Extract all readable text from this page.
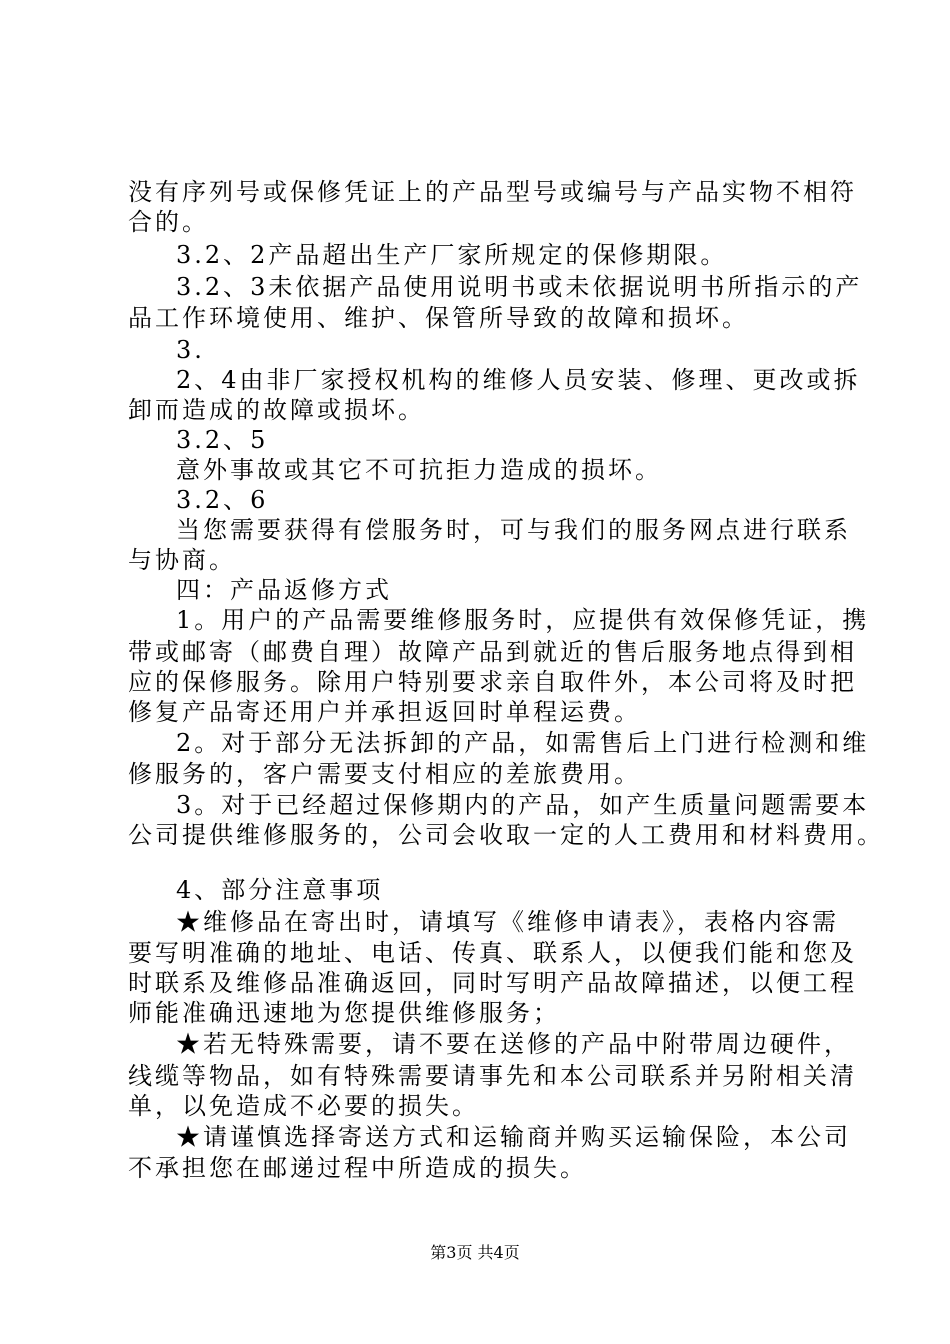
没有序列号或保修凭证上的产品型号或编号与产品实物不相符
合的。
3.2、2产品超出生产厂家所规定的保修期限。
3.2、3未依据产品使用说明书或未依据说明书所指示的产
品工作环境使用、维护、保管所导致的故障和损坏。
3.
2、4由非厂家授权机构的维修人员安装、修理、更改或拆
卸而造成的故障或损坏。
3.2、5
意外事故或其它不可抗拒力造成的损坏。
3.2、6
当您需要获得有偿服务时，可与我们的服务网点进行联系
与协商。
四：产品返修方式
1。用户的产品需要维修服务时，应提供有效保修凭证，携
带或邮寄（邮费自理）故障产品到就近的售后服务地点得到相
应的保修服务。除用户特别要求亲自取件外，本公司将及时把
修复产品寄还用户并承担返回时单程运费。
2。对于部分无法拆卸的产品，如需售后上门进行检测和维
修服务的，客户需要支付相应的差旅费用。
3。对于已经超过保修期内的产品，如产生质量问题需要本
公司提供维修服务的，公司会收取一定的人工费用和材料费用。
4、部分注意事项
★维修品在寄出时，请填写《维修申请表》，表格内容需
要写明准确的地址、电话、传真、联系人，以便我们能和您及
时联系及维修品准确返回，同时写明产品故障描述，以便工程
师能准确迅速地为您提供维修服务；
★若无特殊需要，请不要在送修的产品中附带周边硬件，
线缆等物品，如有特殊需要请事先和本公司联系并另附相关清
单，以免造成不必要的损失。
★请谨慎选择寄送方式和运输商并购买运输保险，本公司
不承担您在邮递过程中所造成的损失。
第3页 共4页
